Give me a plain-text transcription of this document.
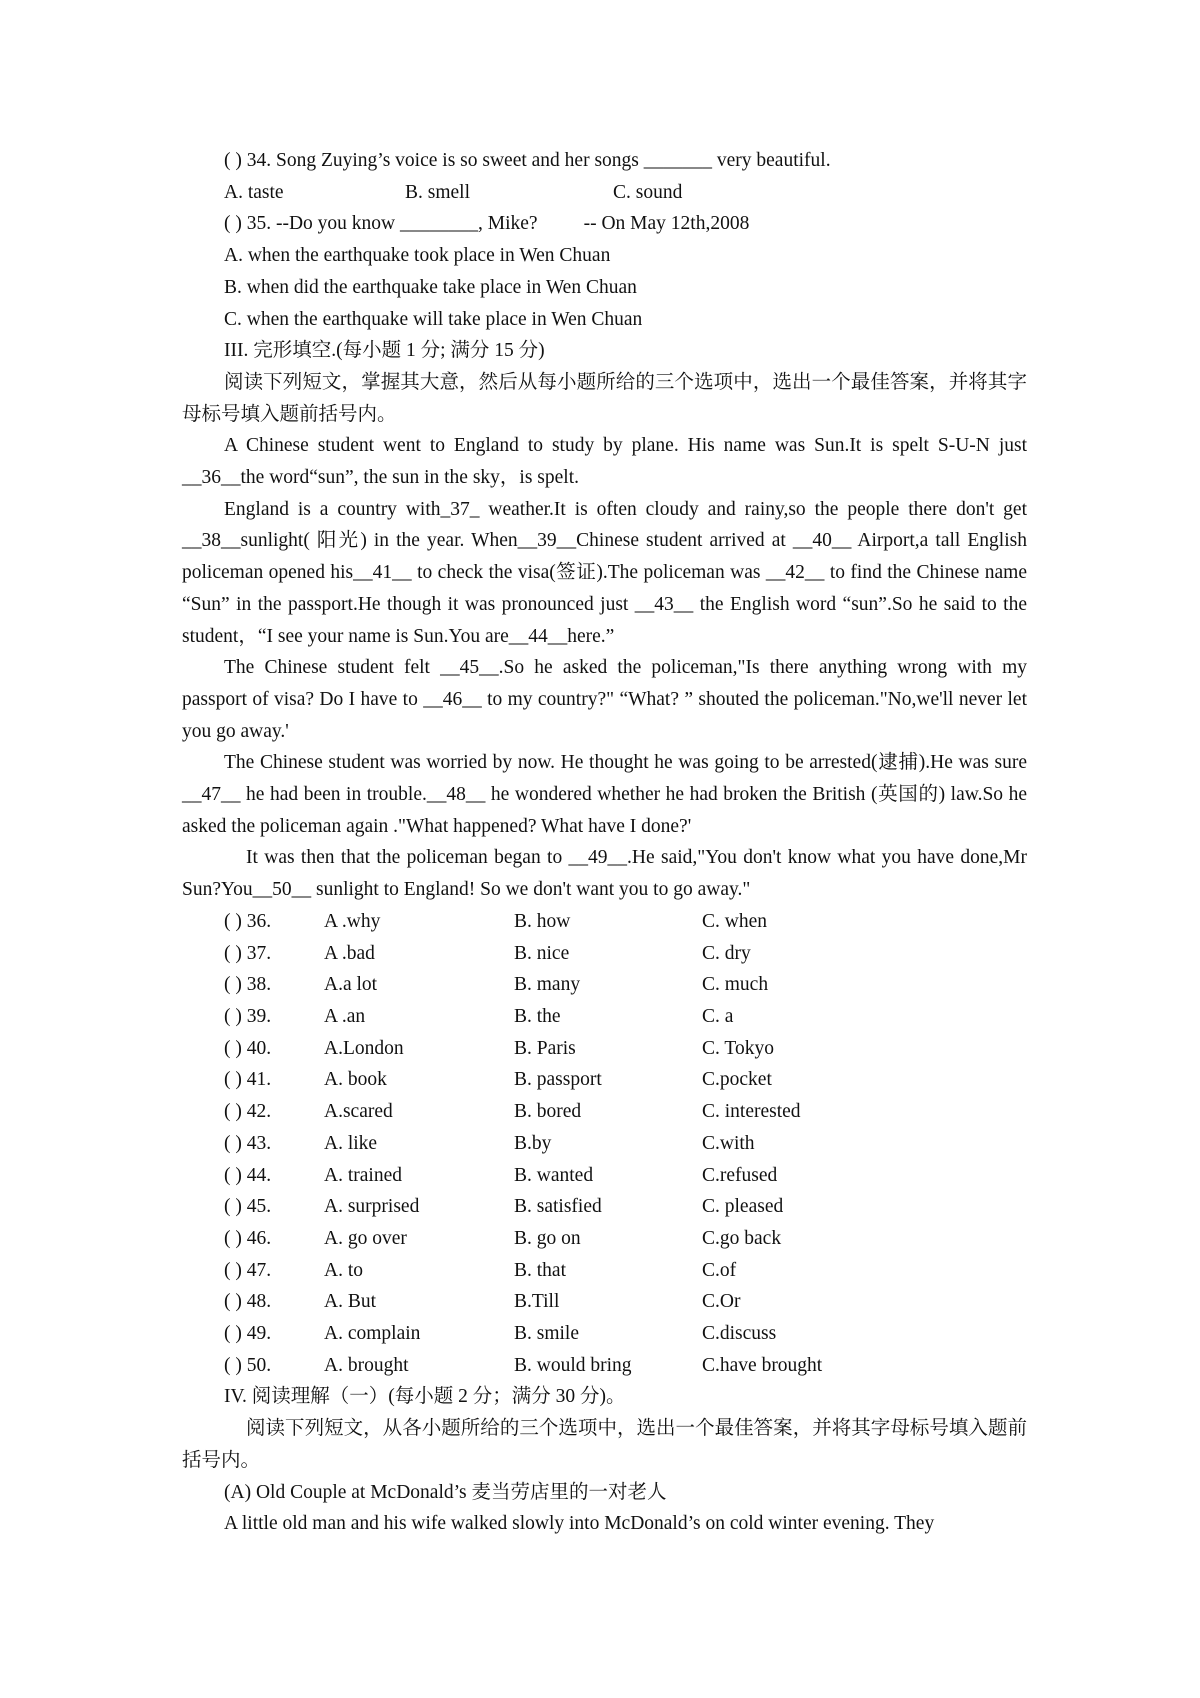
( ) 34. Song Zuying’s voice is so sweet and her songs _______ very beautiful.
A. taste	B. smell	C. sound
( ) 35. --Do you know ________, Mike? -- On May 12th,2008
A. when the earthquake took place in Wen Chuan
B. when did the earthquake take place in Wen Chuan
C. when the earthquake will take place in Wen Chuan
III. 完形填空.(每小题 1 分; 满分 15 分)
阅读下列短文，掌握其大意，然后从每小题所给的三个选项中，选出一个最佳答案，并将其字母标号填入题前括号内。
A Chinese student went to England to study by plane. His name was Sun.It is spelt S-U-N just __36__the word“sun”, the sun in the sky，is spelt.
England is a country with_37_ weather.It is often cloudy and rainy,so the people there don't get __38__sunlight( 阳光) in the year. When__39__Chinese student arrived at __40__ Airport,a tall English policeman opened his__41__ to check the visa(签证).The policeman was __42__ to find the Chinese name “Sun” in the passport.He though it was pronounced just __43__ the English word “sun”.So he said to the student，“I see your name is Sun.You are__44__here.”
The Chinese student felt __45__.So he asked the policeman,"Is there anything wrong with my passport of visa? Do I have to __46__ to my country?" “What? ” shouted the policeman."No,we'll never let you go away.'
The Chinese student was worried by now. He thought he was going to be arrested(逮捕).He was sure __47__ he had been in trouble.__48__ he wondered whether he had broken the British (英国的) law.So he asked the policeman again ."What happened? What have I done?'
It was then that the policeman began to __49__.He said,"You don't know what you have done,Mr Sun?You__50__ sunlight to England! So we don't want you to go away."
( ) 36.	A .why	B. how	C. when
( ) 37.	A .bad	B. nice	C. dry
( ) 38.	A.a lot	B. many	C. much
( ) 39.	A .an	B. the	C. a
( ) 40.	A.London	B. Paris	C. Tokyo
( ) 41.	A. book	B. passport	C.pocket
( ) 42.	A.scared	B. bored	C. interested
( ) 43.	A. like	B.by	C.with
( ) 44.	A. trained	B. wanted	C.refused
( ) 45.	A. surprised	B. satisfied	C. pleased
( ) 46.	A. go over	B. go on	C.go back
( ) 47.	A. to	B. that	C.of
( ) 48.	A. But	B.Till	C.Or
( ) 49.	A. complain	B. smile	C.discuss
( ) 50.	A. brought	B. would bring	C.have brought
IV. 阅读理解（一）(每小题 2 分；满分 30 分)。
阅读下列短文，从各小题所给的三个选项中，选出一个最佳答案，并将其字母标号填入题前括号内。
(A) Old Couple at McDonald’s 麦当劳店里的一对老人
A little old man and his wife walked slowly into McDonald’s on cold winter evening. They
